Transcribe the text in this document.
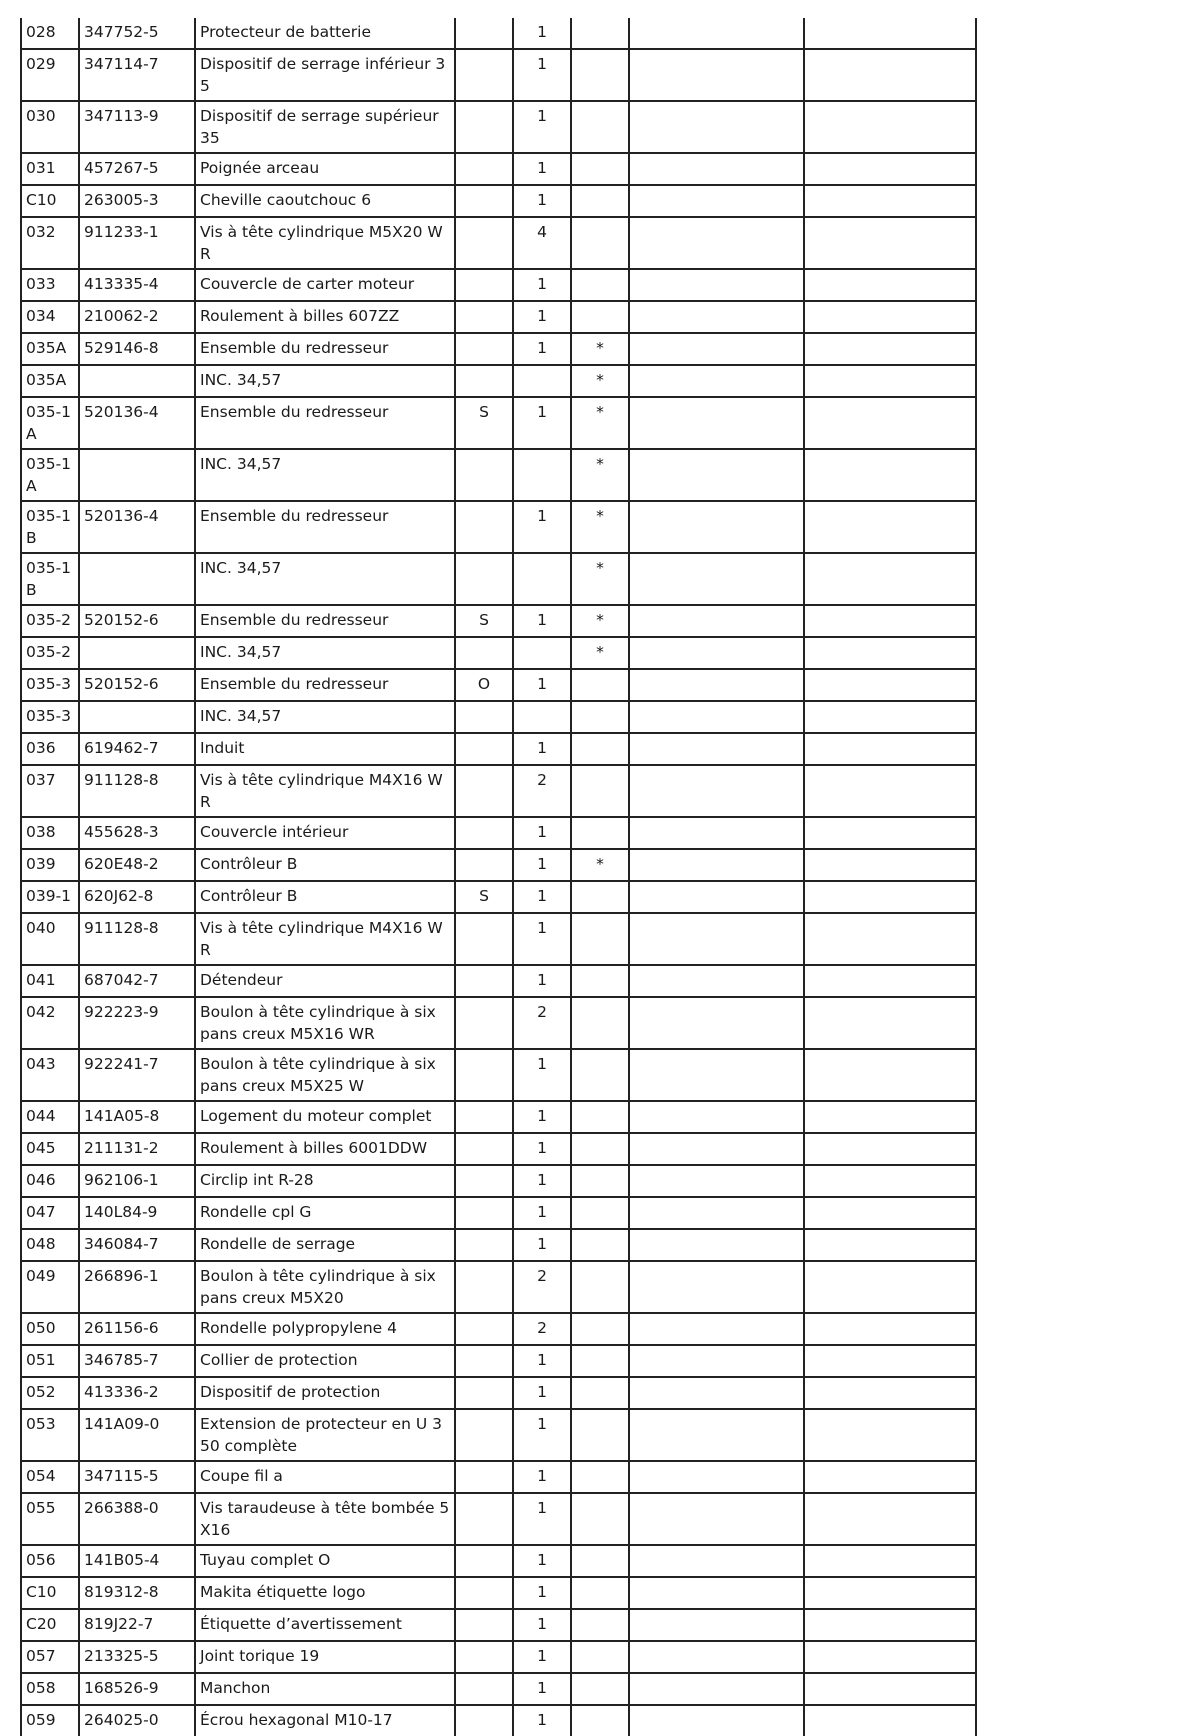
028	347752-5	Protecteur de batterie		1			
029	347114-7	Dispositif de serrage inférieur 35		1			
030	347113-9	Dispositif de serrage supérieur 35		1			
031	457267-5	Poignée arceau		1			
C10	263005-3	Cheville caoutchouc 6		1			
032	911233-1	Vis à tête cylindrique M5X20 WR		4			
033	413335-4	Couvercle de carter moteur		1			
034	210062-2	Roulement à billes 607ZZ		1			
035A	529146-8	Ensemble du redresseur		1	*		
035A		INC. 34,57			*		
035-1A	520136-4	Ensemble du redresseur	S	1	*		
035-1A		INC. 34,57			*		
035-1B	520136-4	Ensemble du redresseur		1	*		
035-1B		INC. 34,57			*		
035-2	520152-6	Ensemble du redresseur	S	1	*		
035-2		INC. 34,57			*		
035-3	520152-6	Ensemble du redresseur	O	1			
035-3		INC. 34,57					
036	619462-7	Induit		1			
037	911128-8	Vis à tête cylindrique M4X16 WR		2			
038	455628-3	Couvercle intérieur		1			
039	620E48-2	Contrôleur B		1	*		
039-1	620J62-8	Contrôleur B	S	1			
040	911128-8	Vis à tête cylindrique M4X16 WR		1			
041	687042-7	Détendeur		1			
042	922223-9	Boulon à tête cylindrique à six pans creux M5X16 WR		2			
043	922241-7	Boulon à tête cylindrique à six pans creux M5X25 W		1			
044	141A05-8	Logement du moteur complet		1			
045	211131-2	Roulement à billes 6001DDW		1			
046	962106-1	Circlip int R-28		1			
047	140L84-9	Rondelle cpl G		1			
048	346084-7	Rondelle de serrage		1			
049	266896-1	Boulon à tête cylindrique à six pans creux M5X20		2			
050	261156-6	Rondelle polypropylene 4		2			
051	346785-7	Collier de protection		1			
052	413336-2	Dispositif de protection		1			
053	141A09-0	Extension de protecteur en U 350 complète		1			
054	347115-5	Coupe fil a		1			
055	266388-0	Vis taraudeuse à tête bombée 5X16		1			
056	141B05-4	Tuyau complet O		1			
C10	819312-8	Makita étiquette logo		1			
C20	819J22-7	Étiquette d’avertissement		1			
057	213325-5	Joint torique 19		1			
058	168526-9	Manchon		1			
059	264025-0	Écrou hexagonal M10-17		1			
